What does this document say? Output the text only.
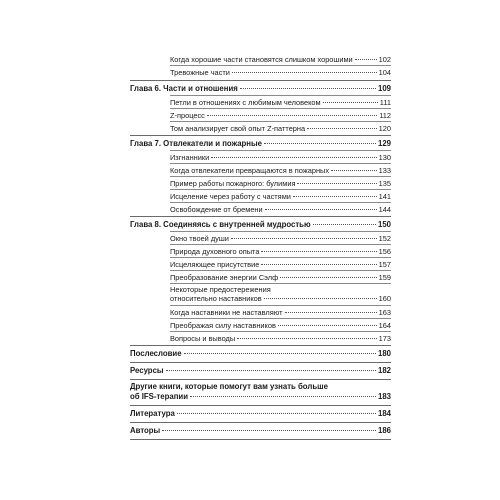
Когда хорошие части становятся слишком хорошими	102
Тревожные части	104
Глава 6. Части и отношения	109
Петли в отношениях с любимым человеком	111
Z-процесс	112
Том анализирует свой опыт Z-паттерна	120
Глава 7. Отвлекатели и пожарные	129
Изгнанники	130
Когда отвлекатели превращаются в пожарных	133
Пример работы пожарного: булимия	135
Исцеление через работу с частями	141
Освобождение от бремени	144
Глава 8. Соединяясь с внутренней мудростью	150
Окно твоей души	152
Природа духовного опыта	156
Исцеляющее присутствие	157
Преобразование энергии Сэлф	159
Некоторые предостережения
относительно наставников	160
Когда наставники не наставляют	163
Преображая силу наставников	164
Вопросы и выводы	173
Послесловие	180
Ресурсы	182
Другие книги, которые помогут вам узнать больше
об IFS-терапии	183
Литература	184
Авторы	186
